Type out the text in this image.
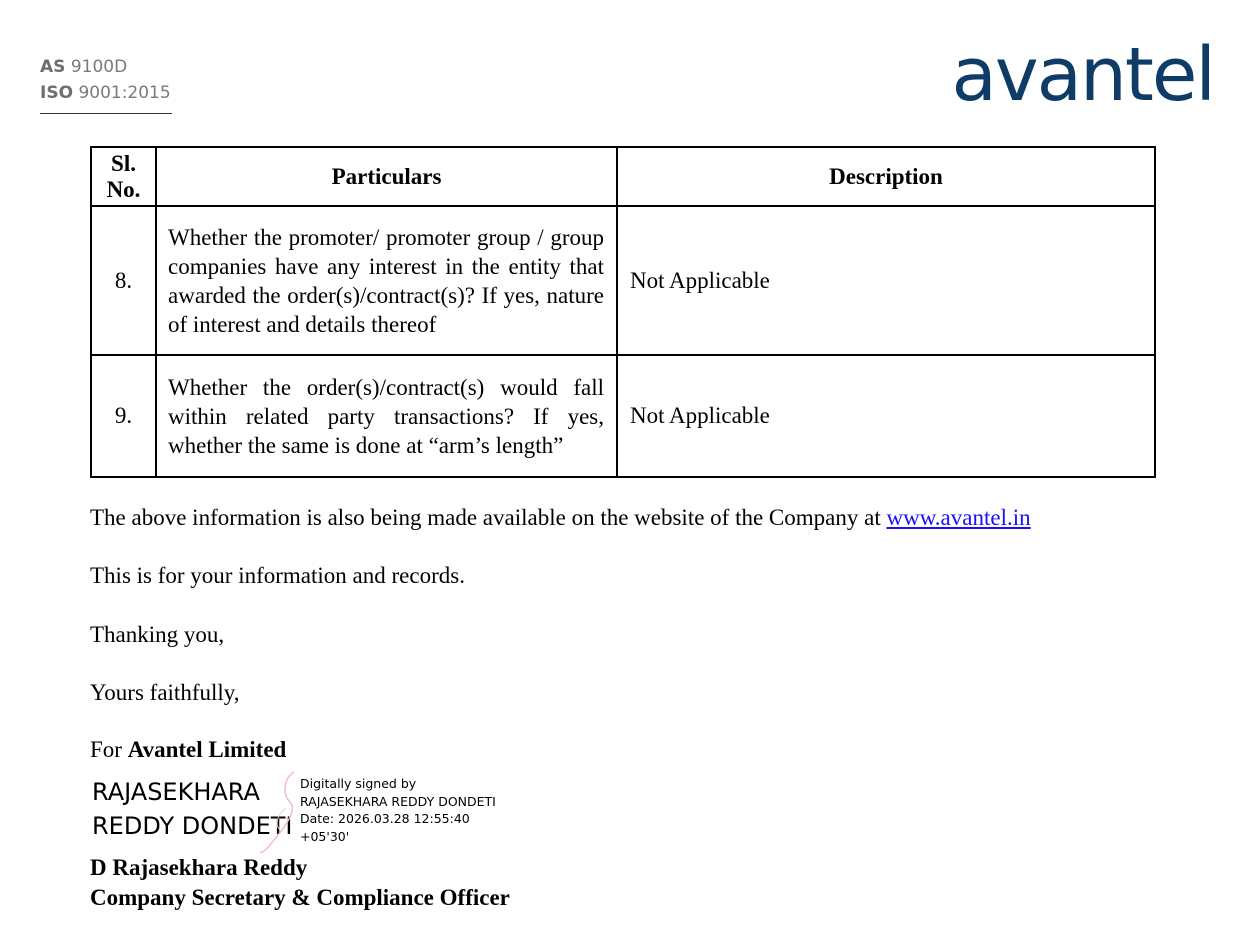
AS 9100D
ISO 9001:2015	avantel
Sl. No.	Particulars	Description
8.	Whether the promoter/ promoter group / group companies have any interest in the entity that awarded the order(s)/contract(s)? If yes, nature of interest and details thereof	Not Applicable
9.	Whether the order(s)/contract(s) would fall within related party transactions? If yes, whether the same is done at “arm’s length”	Not Applicable
The above information is also being made available on the website of the Company at www.avantel.in
This is for your information and records.
Thanking you,
Yours faithfully,
For Avantel Limited
RAJASEKHARA
REDDY DONDETI
Digitally signed by
RAJASEKHARA REDDY DONDETI
Date: 2026.03.28 12:55:40
+05'30'
D Rajasekhara Reddy
Company Secretary & Compliance Officer
